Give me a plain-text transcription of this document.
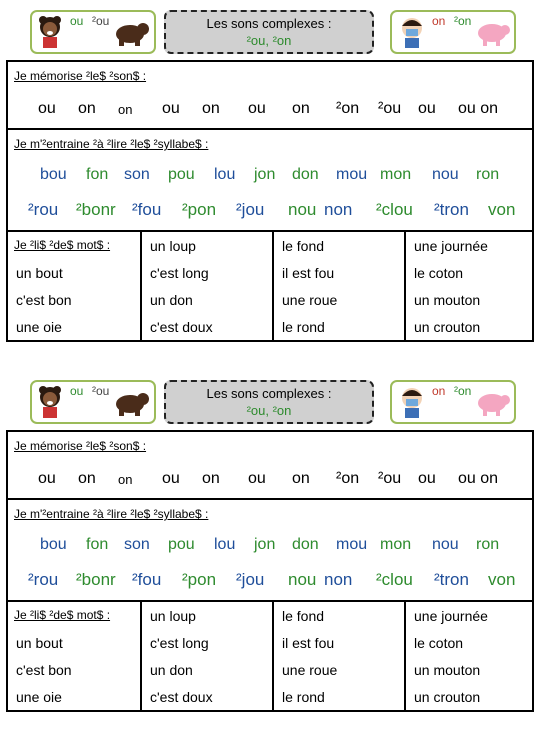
ou ²ou	Les sons complexes :
²ou, ²on
on ²on
Je mémorise ²le$ ²son$ :
ou on on ou on ou on ²on ²ou ou ou on
Je m'²entraine ²à ²lire ²le$ ²syllabe$ :
bou fon son pou lou jon don mou mon nou ron
²rou ²bonr ²fou ²pon ²jou nou non ²clou ²tron von
Je ²li$ ²de$ mot$ :
un bout
c'est bon
une oie
un loup
c'est long
un don
c'est doux
le fond
il est fou
une roue
le rond
une journée
le coton
un mouton
un crouton
ou ²ou	Les sons complexes :
²ou, ²on
on ²on
Je mémorise ²le$ ²son$ :
ou on on ou on ou on ²on ²ou ou ou on
Je m'²entraine ²à ²lire ²le$ ²syllabe$ :
bou fon son pou lou jon don mou mon nou ron
²rou ²bonr ²fou ²pon ²jou nou non ²clou ²tron von
Je ²li$ ²de$ mot$ :
un bout
c'est bon
une oie
un loup
c'est long
un don
c'est doux
le fond
il est fou
une roue
le rond
une journée
le coton
un mouton
un crouton
